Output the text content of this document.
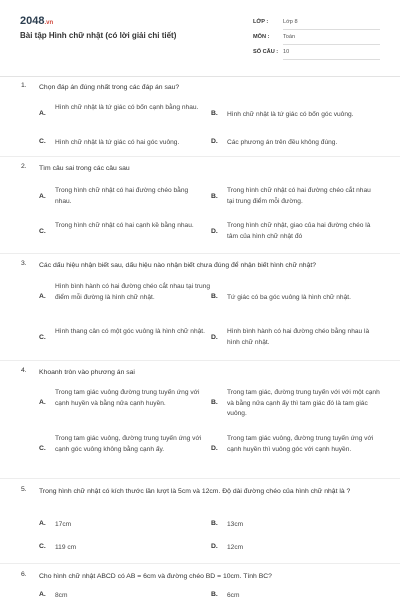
2048.vn
Bài tập Hình chữ nhật (có lời giải chi tiết)
LỚP :	Lớp 8
MÔN : Toán
SỐ CÂU : 10
1. Chọn đáp án đúng nhất trong các đáp án sau?
A.
Hình chữ nhật là tứ giác có bốn cạnh bằng nhau.
B. Hình chữ nhật là tứ giác có bốn góc vuông.
C. Hình chữ nhật là tứ giác có hai góc vuông.	D. Các phương án trên đều không đúng.
2. Tìm câu sai trong các câu sau
A.
Trong hình chữ nhật có hai đường chéo bằng nhau.
B.
Trong hình chữ nhật có hai đường chéo cắt nhau tại trung điểm mỗi đường.
C.
Trong hình chữ nhật có hai cạnh kề bằng nhau.
D.
Trong hình chữ nhật, giao của hai đường chéo là tâm của hình chữ nhật đó
3. Các dấu hiệu nhận biết sau, dấu hiệu nào nhận biết chưa đúng để nhận biết hình chữ nhật?
A.
Hình bình hành có hai đường chéo cắt nhau tại trung điểm mỗi đường là hình chữ nhật.	B. Tứ giác có ba góc vuông là hình chữ nhật.
C.
Hình thang cân có một góc vuông là hình chữ nhật.
D.
Hình bình hành có hai đường chéo bằng nhau là hình chữ nhật.
4. Khoanh tròn vào phương án sai
A.
Trong tam giác vuông đường trung tuyến ứng với cạnh huyền và bằng nửa cạnh huyền.	B.
Trong tam giác, đường trung tuyến với với một cạnh và bằng nửa cạnh ấy thì tam giác đó là tam giác vuông.
C.
Trong tam giác vuông, đường trung tuyến ứng với cạnh góc vuông không bằng cạnh ấy.	D.
Trong tam giác vuông, đường trung tuyến ứng với cạnh huyền thì vuông góc với cạnh huyền.
5. Trong hình chữ nhật có kích thước lần lượt là 5cm và 12cm. Độ dài đường chéo của hình chữ nhật là ?
A. 17cm	B. 13cm
C. 119 cm	D. 12cm
6. Cho hình chữ nhật ABCD có AB = 6cm và đường chéo BD = 10cm. Tính BC?
A. 8cm	B. 6cm
